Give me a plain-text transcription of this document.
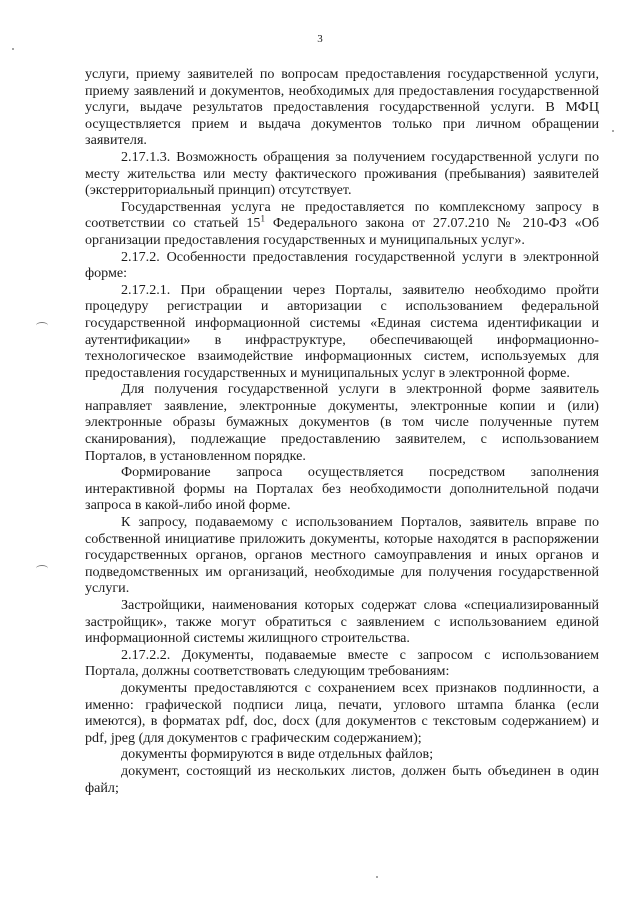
3

услуги, приему заявителей по вопросам предоставления государственной услуги, приему заявлений и документов, необходимых для предоставления государственной услуги, выдаче результатов предоставления государственной услуги. В МФЦ осуществляется прием и выдача документов только при личном обращении заявителя.

2.17.1.3. Возможность обращения за получением государственной услуги по месту жительства или месту фактического проживания (пребывания) заявителей (экстерриториальный принцип) отсутствует.

Государственная услуга не предоставляется по комплексному запросу в соответствии со статьей $15^1$ Федерального закона от 27.07.210 № 210-ФЗ «Об организации предоставления государственных и муниципальных услуг».

2.17.2. Особенности предоставления государственной услуги в электронной форме:

2.17.2.1. При обращении через Порталы, заявителю необходимо пройти процедуру регистрации и авторизации с использованием федеральной государственной информационной системы «Единая система идентификации и аутентификации» в инфраструктуре, обеспечивающей информационно-технологическое взаимодействие информационных систем, используемых для предоставления государственных и муниципальных услуг в электронной форме.

Для получения государственной услуги в электронной форме заявитель направляет заявление, электронные документы, электронные копии и (или) электронные образы бумажных документов (в том числе полученные путем сканирования), подлежащие предоставлению заявителем, с использованием Порталов, в установленном порядке.

Формирование запроса осуществляется посредством заполнения интерактивной формы на Порталах без необходимости дополнительной подачи запроса в какой-либо иной форме.

К запросу, подаваемому с использованием Порталов, заявитель вправе по собственной инициативе приложить документы, которые находятся в распоряжении государственных органов, органов местного самоуправления и иных органов и подведомственных им организаций, необходимые для получения государственной услуги.

Застройщики, наименования которых содержат слова «специализированный застройщик», также могут обратиться с заявлением с использованием единой информационной системы жилищного строительства.

2.17.2.2. Документы, подаваемые вместе с запросом с использованием Портала, должны соответствовать следующим требованиям:

документы предоставляются с сохранением всех признаков подлинности, а именно: графической подписи лица, печати, углового штампа бланка (если имеются), в форматах pdf, doc, docx (для документов с текстовым содержанием) и pdf, jpeg (для документов с графическим содержанием);

документы формируются в виде отдельных файлов;

документ, состоящий из нескольких листов, должен быть объединен в один файл;
